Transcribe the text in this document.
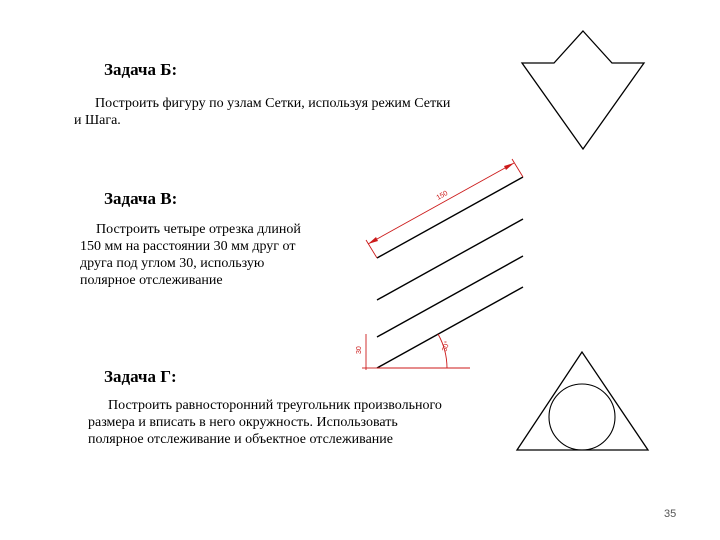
Задача Б:
Построить фигуру по узлам Сетки, используя режим Сетки
и Шага.
Задача В:
Построить четыре отрезка длиной
150 мм на расстоянии 30 мм друг от
друга под углом 30, использую
полярное отслеживание
150
30	30°
Задача Г:
Построить равносторонний треугольник произвольного
размера и вписать в него окружность. Использовать
полярное отслеживание и объектное отслеживание
35
